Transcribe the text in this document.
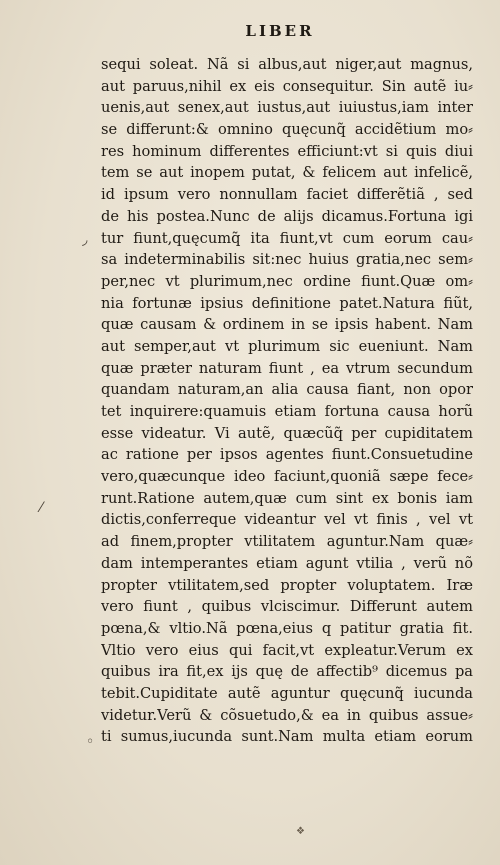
LIBER
◞
⁄
◦
sequi soleat. Nã si albus,aut niger,aut magnus,
aut paruus,nihil ex eis consequitur. Sin autẽ iu⸗
uenis,aut senex,aut iustus,aut iuiustus,iam inter
se differunt:& omnino quęcunq̃ accidẽtium mo⸗
res hominum differentes efficiunt:vt si quis diui
tem se aut inopem putat, & felicem aut infelicẽ,
id ipsum vero nonnullam faciet differẽtiã , sed
de his postea.Nunc de alijs dicamus.Fortuna igi
tur fiunt,quęcumq̃ ita fiunt,vt cum eorum cau⸗
sa indeterminabilis sit:nec huius gratia,nec sem⸗
per,nec vt plurimum,nec ordine fiunt.Quæ om⸗
nia fortunæ ipsius definitione patet.Natura fiũt,
quæ causam & ordinem in se ipsis habent. Nam
aut semper,aut vt plurimum sic eueniunt. Nam
quæ præter naturam fiunt , ea vtrum secundum
quandam naturam,an alia causa fiant, non opor
tet inquirere:quamuis etiam fortuna causa horũ
esse videatur. Vi autẽ, quæcũq̃ per cupiditatem
ac ratione per ipsos agentes fiunt.Consuetudine
vero,quæcunque ideo faciunt,quoniã sæpe fece⸗
runt.Ratione autem,quæ cum sint ex bonis iam
dictis,conferreque videantur vel vt finis , vel vt
ad finem,propter vtilitatem aguntur.Nam quæ⸗
dam intemperantes etiam agunt vtilia , verũ nõ
propter vtilitatem,sed propter voluptatem. Iræ
vero fiunt , quibus vlciscimur. Differunt autem
pœna,& vltio.Nã pœna,eius q patitur gratia fit.
Vltio vero eius qui facit,vt expleatur.Verum ex
quibus ira fit,ex ijs quę de affectib⁹ dicemus pa
tebit.Cupiditate autẽ aguntur quęcunq̃ iucunda
videtur.Verũ & cõsuetudo,& ea in quibus assue⸗
ti sumus,iucunda sunt.Nam multa etiam eorum
❖
